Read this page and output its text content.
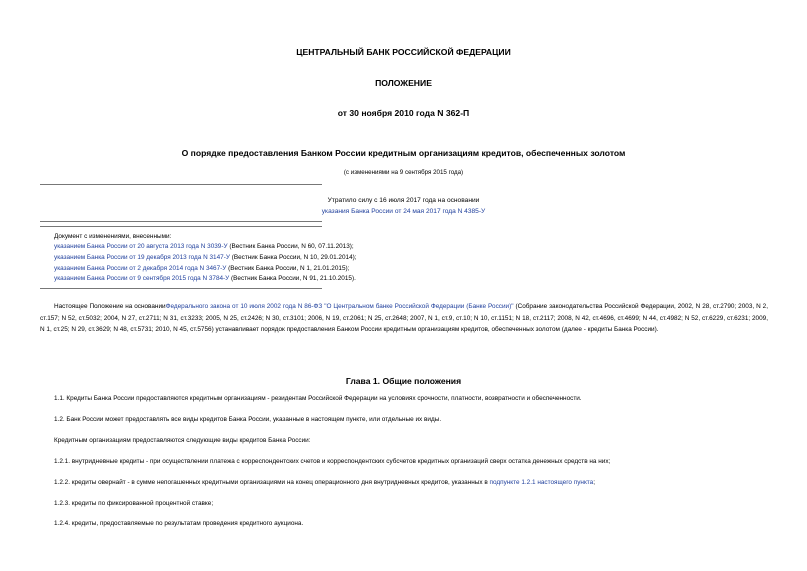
ЦЕНТРАЛЬНЫЙ БАНК РОССИЙСКОЙ ФЕДЕРАЦИИ
ПОЛОЖЕНИЕ
от 30 ноября 2010 года N 362-П
О порядке предоставления Банком России кредитным организациям кредитов, обеспеченных золотом
(с изменениями на 9 сентября 2015 года)
Утратило силу с 16 июля 2017 года на основании
указания Банка России от 24 мая 2017 года N 4385-У
Документ с изменениями, внесенными:
указанием Банка России от 20 августа 2013 года N 3039-У (Вестник Банка России, N 60, 07.11.2013);
указанием Банка России от 19 декабря 2013 года N 3147-У (Вестник Банка России, N 10, 29.01.2014);
указанием Банка России от 2 декабря 2014 года N 3467-У (Вестник Банка России, N 1, 21.01.2015);
указанием Банка России от 9 сентября 2015 года N 3784-У (Вестник Банка России, N 91, 21.10.2015).
Настоящее Положение на основанииФедерального закона от 10 июля 2002 года N 86-ФЗ "О Центральном банке Российской Федерации (Банке России)" (Собрание законодательства Российской Федерации, 2002, N 28, ст.2790; 2003, N 2, ст.157; N 52, ст.5032; 2004, N 27, ст.2711; N 31, ст.3233; 2005, N 25, ст.2426; N 30, ст.3101; 2006, N 19, ст.2061; N 25, ст.2648; 2007, N 1, ст.9, ст.10; N 10, ст.1151; N 18, ст.2117; 2008, N 42, ст.4696, ст.4699; N 44, ст.4982; N 52, ст.6229, ст.6231; 2009, N 1, ст.25; N 29, ст.3629; N 48, ст.5731; 2010, N 45, ст.5756) устанавливает порядок предоставления Банком России кредитным организациям кредитов, обеспеченных золотом (далее - кредиты Банка России).
Глава 1. Общие положения
1.1. Кредиты Банка России предоставляются кредитным организациям - резидентам Российской Федерации на условиях срочности, платности, возвратности и обеспеченности.
1.2. Банк России может предоставлять все виды кредитов Банка России, указанные в настоящем пункте, или отдельные их виды.
Кредитным организациям предоставляются следующие виды кредитов Банка России:
1.2.1. внутридневные кредиты - при осуществлении платежа с корреспондентских счетов и корреспондентских субсчетов кредитных организаций сверх остатка денежных средств на них;
1.2.2. кредиты овернайт - в сумме непогашенных кредитными организациями на конец операционного дня внутридневных кредитов, указанных в подпункте 1.2.1 настоящего пункта;
1.2.3. кредиты по фиксированной процентной ставке;
1.2.4. кредиты, предоставляемые по результатам проведения кредитного аукциона.
